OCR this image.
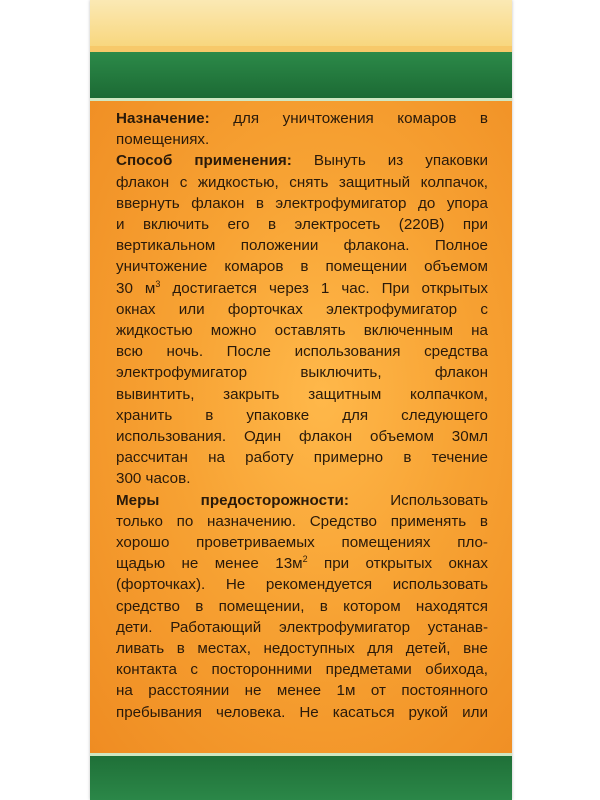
Назначение: для уничтожения комаров в
помещениях.

Способ применения: Вынуть из упаковки
флакон с жидкостью, снять защитный колпачок,
ввернуть флакон в электрофумигатор до упора
и включить его в электросеть (220В) при
вертикальном положении флакона. Полное
уничтожение комаров в помещении объемом
30 $м^3$ достигается через 1 час. При открытых
окнах или форточках электрофумигатор с
жидкостью можно оставлять включенным на
всю ночь. После использования средства
электрофумигатор выключить, флакон
вывинтить, закрыть защитным колпачком,
хранить в упаковке для следующего
использования. Один флакон объемом 30мл
рассчитан на работу примерно в течение
300 часов.

Меры предосторожности:	Использовать
только по назначению. Средство применять в
хорошо проветриваемых помещениях пло-
щадью не менее $13м^2$ при открытых окнах
(форточках). Не рекомендуется использовать
средство в помещении, в котором находятся
дети. Работающий электрофумигатор устанав-
ливать в местах, недоступных для детей, вне
контакта с посторонними предметами обихода,
на расстоянии не менее 1м от постоянного
пребывания человека. Не касаться рукой или
